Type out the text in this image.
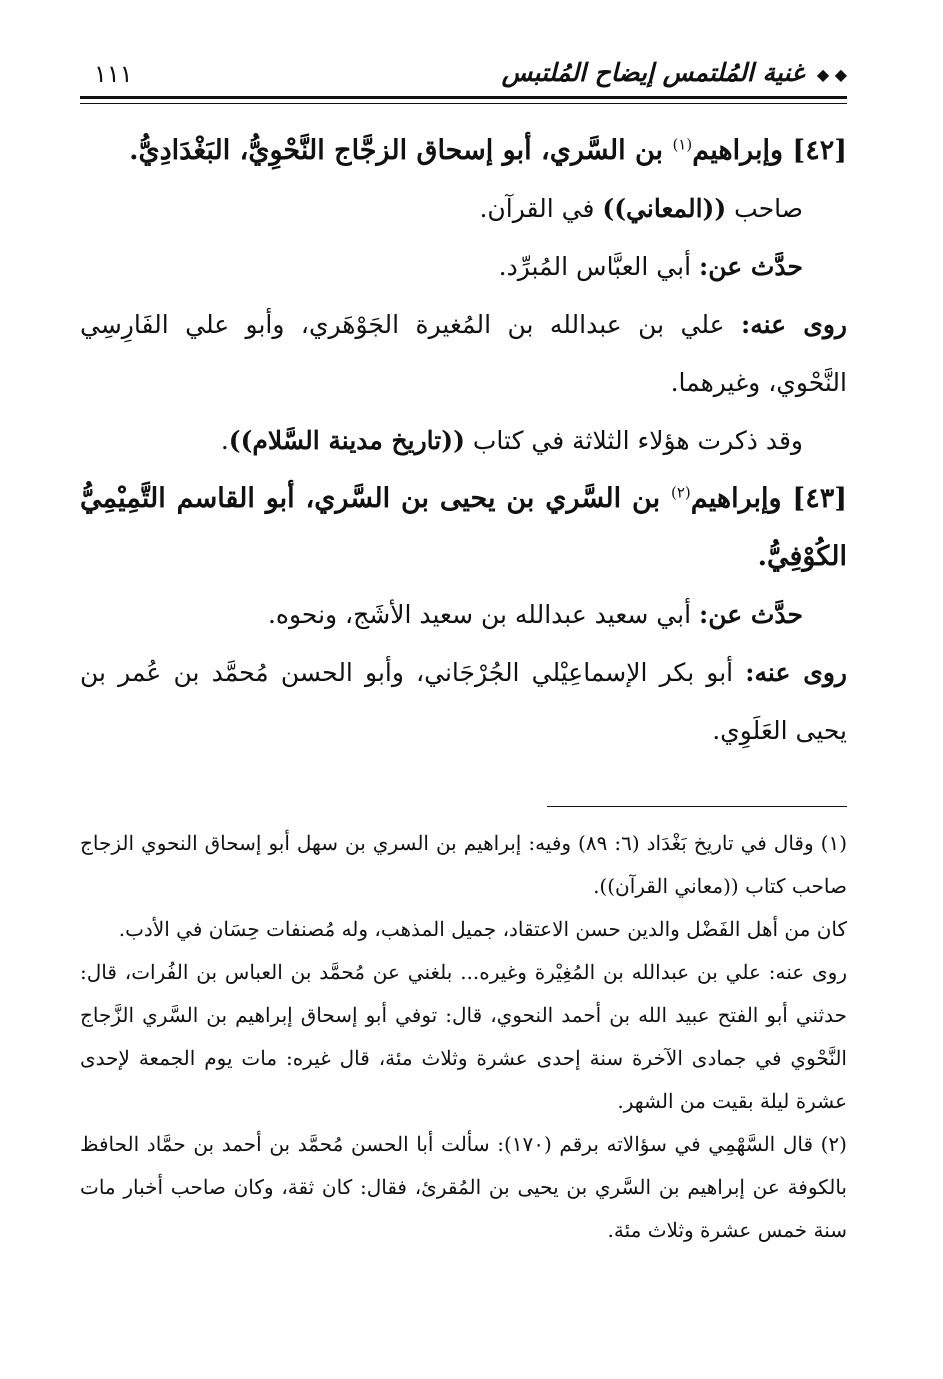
◆ ◆ غنية المُلتمس إيضاح المُلتبس
١١١

[٤٢] وإبراهيم$^{(١)}$ بن السَّري، أبو إسحاق الزجَّاج النَّحْوِيُّ، البَغْدَادِيُّ.

صاحب ((المعاني)) في القرآن.

حدَّث عن: أبي العبَّاس المُبرِّد.

روى عنه: علي بن عبدالله بن المُغيرة الجَوْهَري، وأبو علي الفَارِسِي النَّحْوي، وغيرهما.

وقد ذكرت هؤلاء الثلاثة في كتاب ((تاريخ مدينة السَّلام)).

[٤٣] وإبراهيم$^{(٢)}$ بن السَّري بن يحيى بن السَّري، أبو القاسم التَّمِيْمِيُّ الكُوْفِيُّ.

حدَّث عن: أبي سعيد عبدالله بن سعيد الأشَج، ونحوه.

روى عنه: أبو بكر الإسماعِيْلي الجُرْجَاني، وأبو الحسن مُحمَّد بن عُمر بن يحيى العَلَوِي.

(١) وقال في تاريخ بَغْدَاد (٦: ٨٩) وفيه: إبراهيم بن السري بن سهل أبو إسحاق النحوي الزجاج صاحب كتاب ((معاني القرآن)).

كان من أهل الفَضْل والدين حسن الاعتقاد، جميل المذهب، وله مُصنفات حِسَان في الأدب.

روى عنه: علي بن عبدالله بن المُغِيْرة وغيره... بلغني عن مُحمَّد بن العباس بن الفُرات، قال: حدثني أبو الفتح عبيد الله بن أحمد النحوي، قال: توفي أبو إسحاق إبراهيم بن السَّري الزَّجاج النَّحْوي في جمادى الآخرة سنة إحدى عشرة وثلاث مئة، قال غيره: مات يوم الجمعة لإحدى عشرة ليلة بقيت من الشهر.

(٢) قال السَّهْمِي في سؤالاته برقم (١٧٠): سألت أبا الحسن مُحمَّد بن أحمد بن حمَّاد الحافظ بالكوفة عن إبراهيم بن السَّري بن يحيى بن المُقرئ، فقال: كان ثقة، وكان صاحب أخبار مات سنة خمس عشرة وثلاث مئة.
